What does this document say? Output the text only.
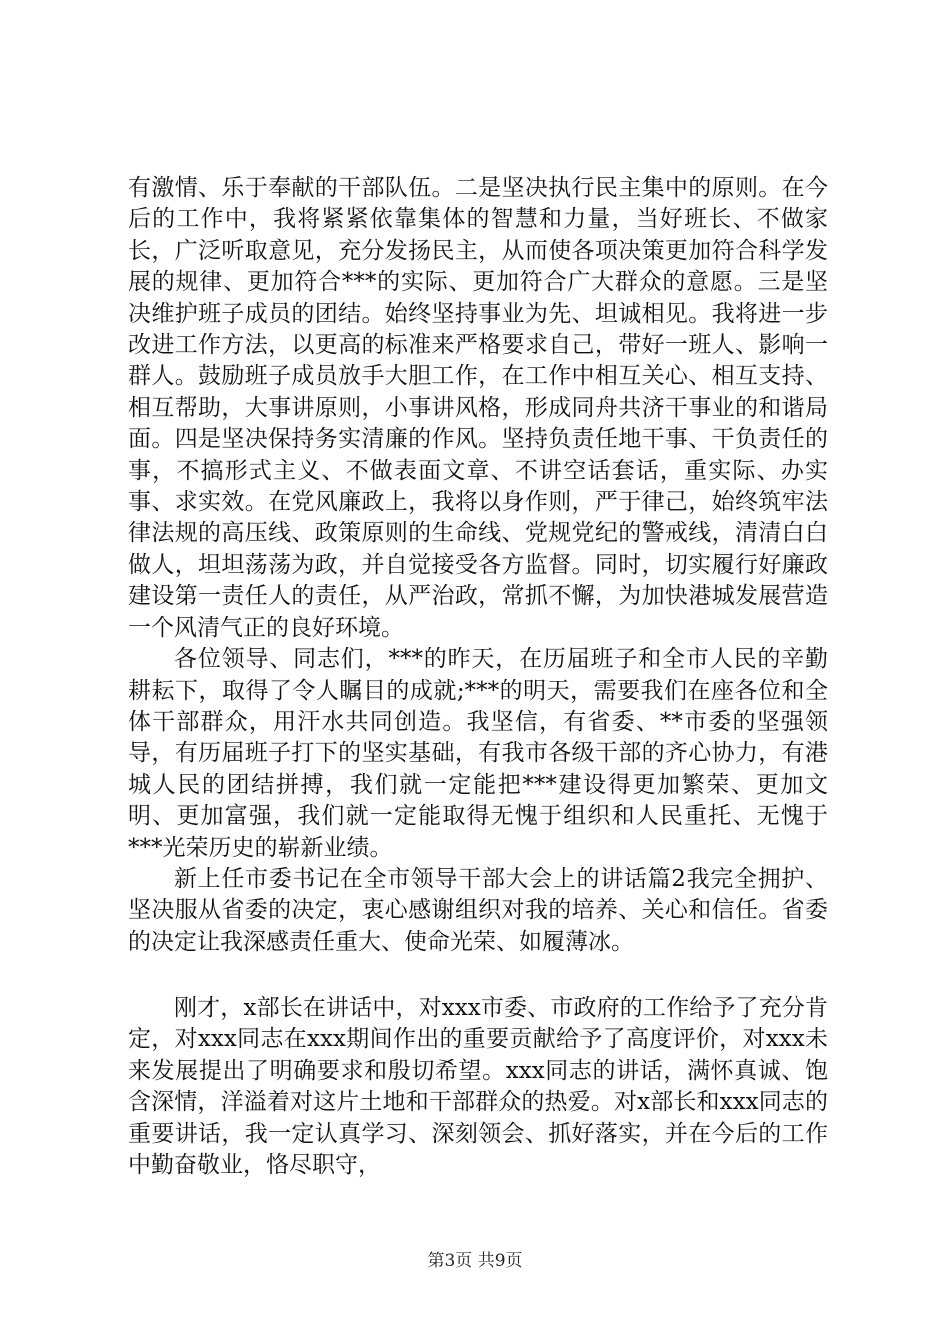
有激情、乐于奉献的干部队伍。二是坚决执行民主集中的原则。在今后的工作中，我将紧紧依靠集体的智慧和力量，当好班长、不做家长，广泛听取意见，充分发扬民主，从而使各项决策更加符合科学发展的规律、更加符合***的实际、更加符合广大群众的意愿。三是坚决维护班子成员的团结。始终坚持事业为先、坦诚相见。我将进一步改进工作方法，以更高的标准来严格要求自己，带好一班人、影响一群人。鼓励班子成员放手大胆工作，在工作中相互关心、相互支持、相互帮助，大事讲原则，小事讲风格，形成同舟共济干事业的和谐局面。四是坚决保持务实清廉的作风。坚持负责任地干事、干负责任的事，不搞形式主义、不做表面文章、不讲空话套话，重实际、办实事、求实效。在党风廉政上，我将以身作则，严于律己，始终筑牢法律法规的高压线、政策原则的生命线、党规党纪的警戒线，清清白白做人，坦坦荡荡为政，并自觉接受各方监督。同时，切实履行好廉政建设第一责任人的责任，从严治政，常抓不懈，为加快港城发展营造一个风清气正的良好环境。

各位领导、同志们，***的昨天，在历届班子和全市人民的辛勤耕耘下，取得了令人瞩目的成就;***的明天，需要我们在座各位和全体干部群众，用汗水共同创造。我坚信，有省委、**市委的坚强领导，有历届班子打下的坚实基础，有我市各级干部的齐心协力，有港城人民的团结拼搏，我们就一定能把***建设得更加繁荣、更加文明、更加富强，我们就一定能取得无愧于组织和人民重托、无愧于***光荣历史的崭新业绩。

新上任市委书记在全市领导干部大会上的讲话篇2我完全拥护、坚决服从省委的决定，衷心感谢组织对我的培养、关心和信任。省委的决定让我深感责任重大、使命光荣、如履薄冰。

刚才，x部长在讲话中，对xxx市委、市政府的工作给予了充分肯定，对xxx同志在xxx期间作出的重要贡献给予了高度评价，对xxx未来发展提出了明确要求和殷切希望。xxx同志的讲话，满怀真诚、饱含深情，洋溢着对这片土地和干部群众的热爱。对x部长和xxx同志的重要讲话，我一定认真学习、深刻领会、抓好落实，并在今后的工作中勤奋敬业，恪尽职守，

第3页 共9页
